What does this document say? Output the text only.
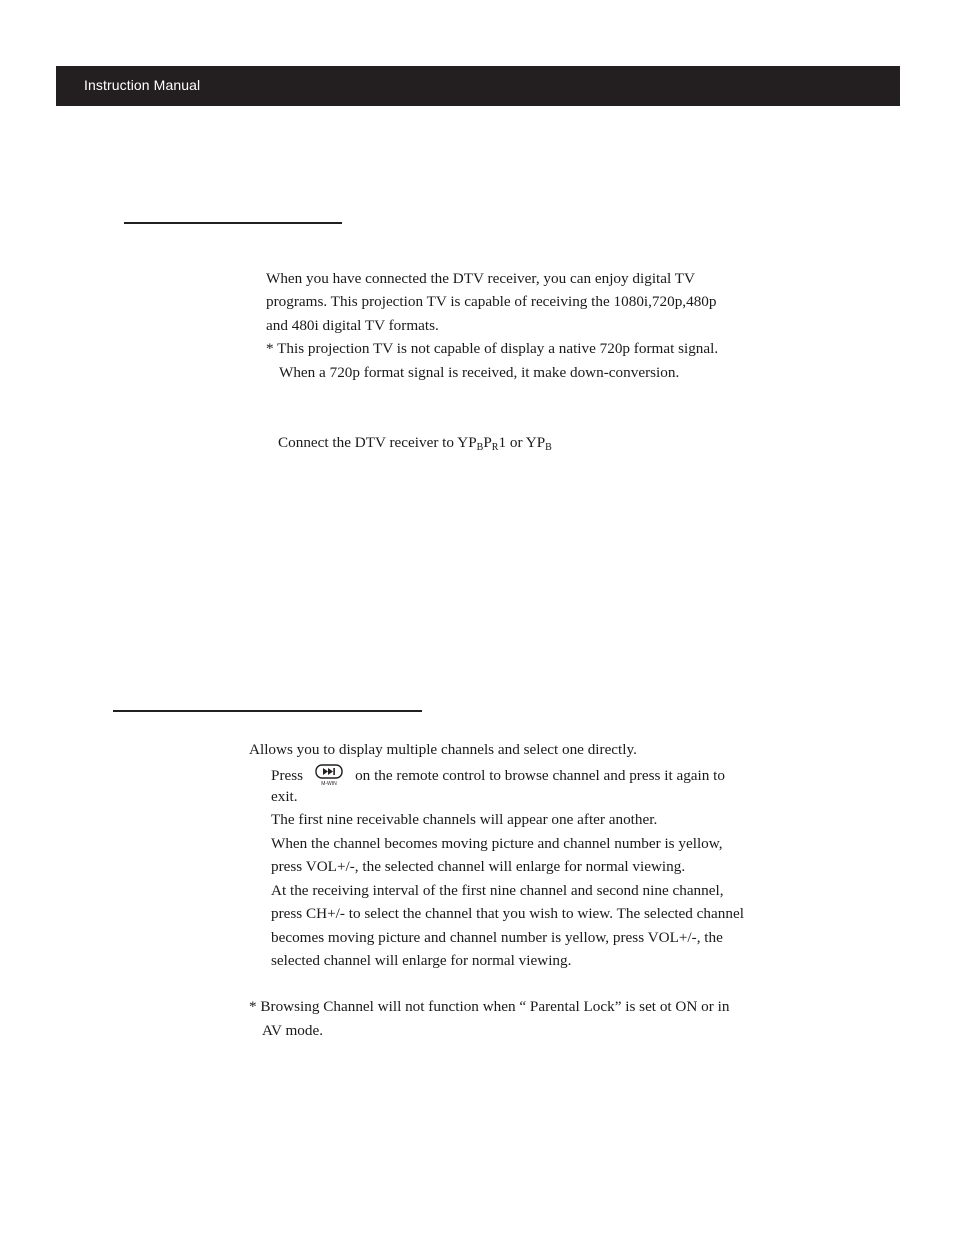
Instruction Manual
When you have connected the DTV receiver, you can enjoy digital TV
programs. This projection TV is capable of receiving the 1080i,720p,480p
and 480i digital TV formats.
* This projection TV is not capable of display a native 720p format signal.
When a 720p format signal is received, it make down-conversion.
Connect the DTV receiver to $YP_BP_R1$ or $YP_B$
Allows you to display multiple channels and select one directly.
Press	M-WIN on the remote control to browse channel and press it again to
exit.
The first nine receivable channels will appear one after another.
When the channel becomes moving picture and channel number is yellow,
press VOL+/-, the selected channel will enlarge for normal viewing.
At the receiving interval of the first nine channel and second nine channel,
press CH+/- to select the channel that you wish to wiew. The selected channel
becomes moving picture and channel number is yellow, press VOL+/-, the
selected channel will enlarge for normal viewing.
* Browsing Channel will not function when “ Parental Lock” is set ot ON or in
AV mode.
